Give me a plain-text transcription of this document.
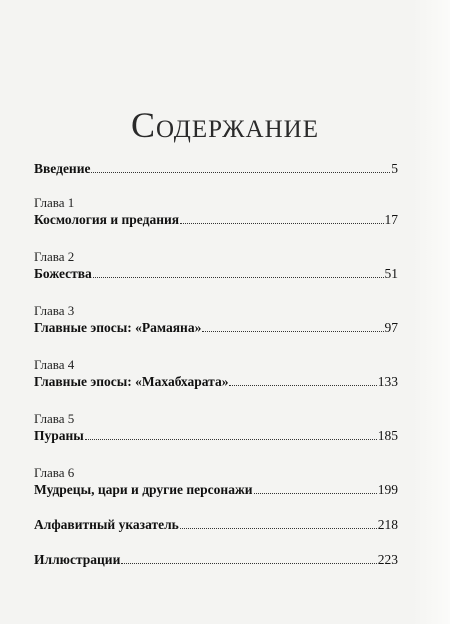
Содержание
Введение	5
Глава 1
Космология и предания	17
Глава 2
Божества	51
Глава 3
Главные эпосы: «Рамаяна»	97
Глава 4
Главные эпосы: «Махабхарата»	133
Глава 5
Пураны	185
Глава 6
Мудрецы, цари и другие персонажи	199
Алфавитный указатель	218
Иллюстрации	223
